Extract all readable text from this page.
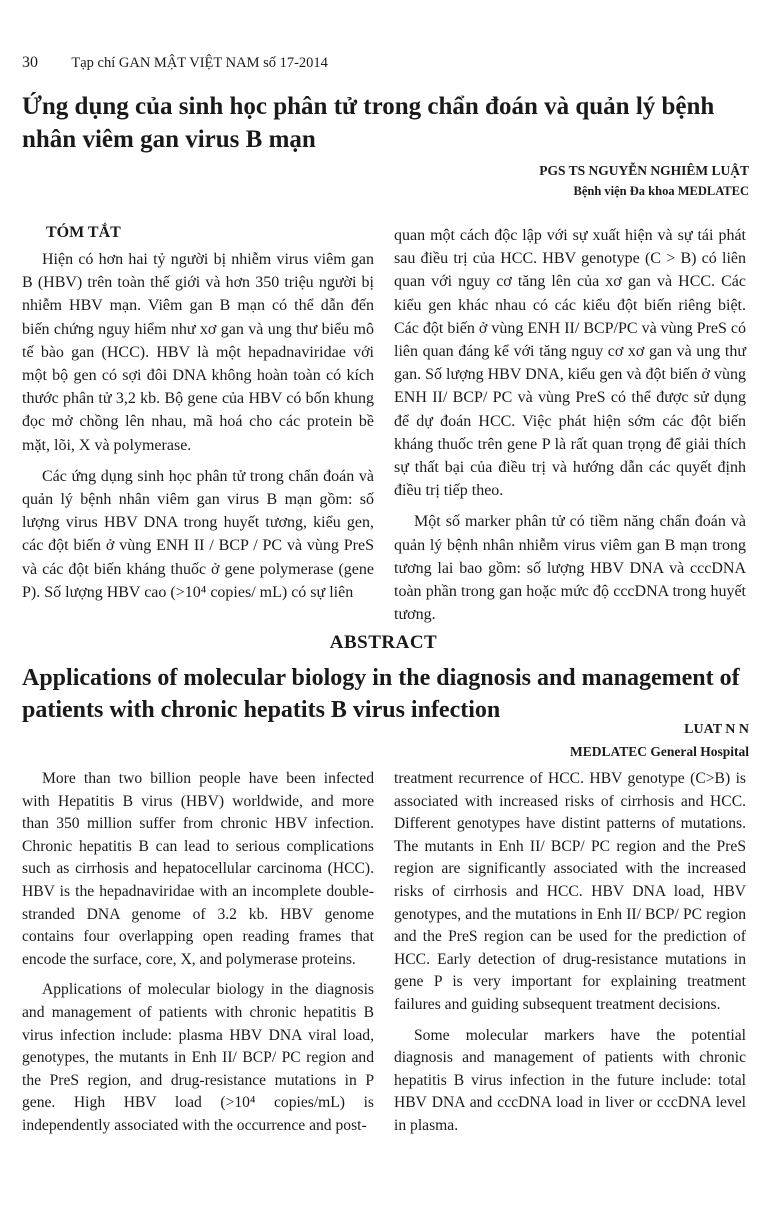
30 Tạp chí GAN MẬT VIỆT NAM số 17-2014
Ứng dụng của sinh học phân tử trong chẩn đoán và quản lý bệnh nhân viêm gan virus B mạn
PGS TS NGUYỄN NGHIÊM LUẬT
Bệnh viện Đa khoa MEDLATEC
TÓM TẮT

Hiện có hơn hai tỷ người bị nhiễm virus viêm gan B (HBV) trên toàn thế giới và hơn 350 triệu người bị nhiễm HBV mạn. Viêm gan B mạn có thể dẫn đến biến chứng nguy hiểm như xơ gan và ung thư biểu mô tế bào gan (HCC). HBV là một hepadnaviridae với một bộ gen có sợi đôi DNA không hoàn toàn có kích thước phân tử 3,2 kb. Bộ gene của HBV có bốn khung đọc mở chồng lên nhau, mã hoá cho các protein bề mặt, lõi, X và polymerase.

Các ứng dụng sinh học phân tử trong chẩn đoán và quản lý bệnh nhân viêm gan virus B mạn gồm: số lượng virus HBV DNA trong huyết tương, kiểu gen, các đột biến ở vùng ENH II / BCP / PC và vùng PreS và các đột biến kháng thuốc ở gene polymerase (gene P). Số lượng HBV cao (>10⁴ copies/ mL) có sự liên

quan một cách độc lập với sự xuất hiện và sự tái phát sau điều trị của HCC. HBV genotype (C > B) có liên quan với nguy cơ tăng lên của xơ gan và HCC. Các kiểu gen khác nhau có các kiểu đột biến riêng biệt. Các đột biến ở vùng ENH II/ BCP/PC và vùng PreS có liên quan đáng kể với tăng nguy cơ xơ gan và ung thư gan. Số lượng HBV DNA, kiểu gen và đột biến ở vùng ENH II/ BCP/ PC và vùng PreS có thể được sử dụng để dự đoán HCC. Việc phát hiện sớm các đột biến kháng thuốc trên gene P là rất quan trọng để giải thích sự thất bại của điều trị và hướng dẫn các quyết định điều trị tiếp theo.

Một số marker phân tử có tiềm năng chẩn đoán và quản lý bệnh nhân nhiễm virus viêm gan B mạn trong tương lai bao gồm: số lượng HBV DNA và cccDNA toàn phần trong gan hoặc mức độ cccDNA trong huyết tương.

ABSTRACT
Applications of molecular biology in the diagnosis and management of patients with chronic hepatits B virus infection
LUAT N N
MEDLATEC General Hospital

More than two billion people have been infected with Hepatitis B virus (HBV) worldwide, and more than 350 million suffer from chronic HBV infection. Chronic hepatitis B can lead to serious complications such as cirrhosis and hepatocellular carcinoma (HCC). HBV is the hepadnaviridae with an incomplete double-stranded DNA genome of 3.2 kb. HBV genome contains four overlapping open reading frames that encode the surface, core, X, and polymerase proteins.

Applications of molecular biology in the diagnosis and management of patients with chronic hepatitis B virus infection include: plasma HBV DNA viral load, genotypes, the mutants in Enh II/ BCP/ PC region and the PreS region, and drug-resistance mutations in P gene. High HBV load (>10⁴ copies/mL) is independently associated with the occurrence and post-

treatment recurrence of HCC. HBV genotype (C>B) is associated with increased risks of cirrhosis and HCC. Different genotypes have distint patterns of mutations. The mutants in Enh II/ BCP/ PC region and the PreS region are significantly associated with the increased risks of cirrhosis and HCC. HBV DNA load, HBV genotypes, and the mutations in Enh II/ BCP/ PC region and the PreS region can be used for the prediction of HCC. Early detection of drug-resistance mutations in gene P is very important for explaining treatment failures and guiding subsequent treatment decisions.

Some molecular markers have the potential diagnosis and management of patients with chronic hepatitis B virus infection in the future include: total HBV DNA and cccDNA load in liver or cccDNA level in plasma.
